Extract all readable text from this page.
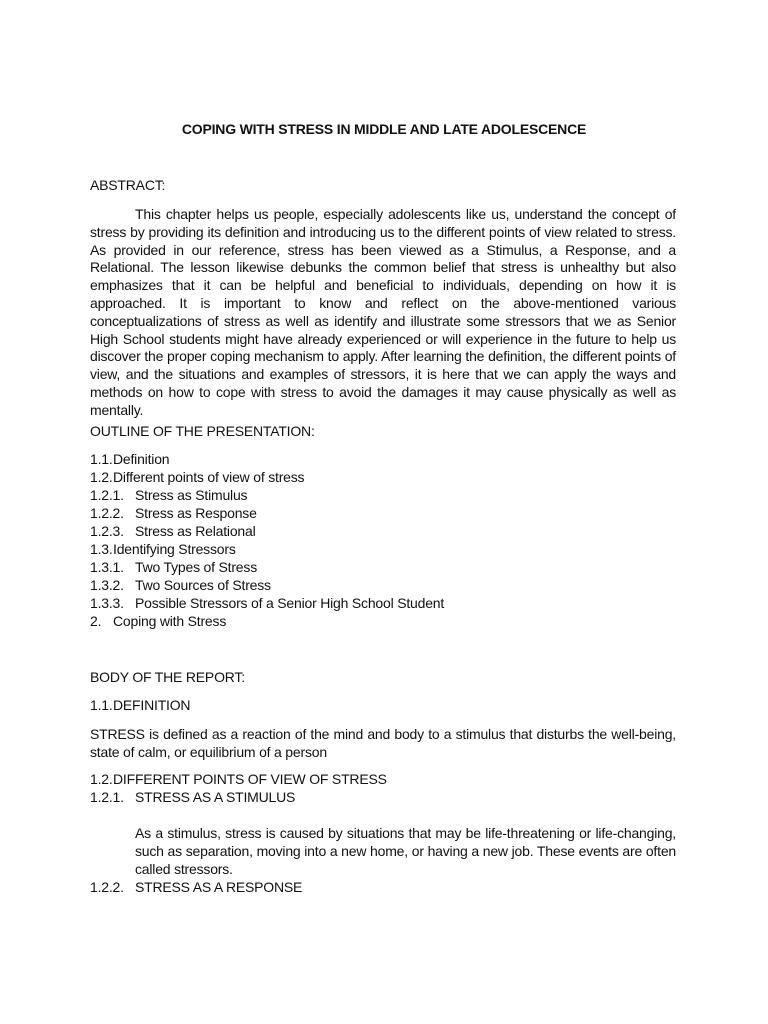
COPING WITH STRESS IN MIDDLE AND LATE ADOLESCENCE
ABSTRACT:

This chapter helps us people, especially adolescents like us, understand the concept of stress by providing its definition and introducing us to the different points of view related to stress. As provided in our reference, stress has been viewed as a Stimulus, a Response, and a Relational. The lesson likewise debunks the common belief that stress is unhealthy but also emphasizes that it can be helpful and beneficial to individuals, depending on how it is approached. It is important to know and reflect on the above-mentioned various conceptualizations of stress as well as identify and illustrate some stressors that we as Senior High School students might have already experienced or will experience in the future to help us discover the proper coping mechanism to apply. After learning the definition, the different points of view, and the situations and examples of stressors, it is here that we can apply the ways and methods on how to cope with stress to avoid the damages it may cause physically as well as mentally.

OUTLINE OF THE PRESENTATION:
1.1.Definition
1.2.Different points of view of stress
1.2.1. Stress as Stimulus
1.2.2. Stress as Response
1.2.3. Stress as Relational
1.3.Identifying Stressors
1.3.1. Two Types of Stress
1.3.2. Two Sources of Stress
1.3.3. Possible Stressors of a Senior High School Student
2. Coping with Stress
BODY OF THE REPORT:
1.1.DEFINITION

STRESS is defined as a reaction of the mind and body to a stimulus that disturbs the well-being, state of calm, or equilibrium of a person

1.2.DIFFERENT POINTS OF VIEW OF STRESS
1.2.1. STRESS AS A STIMULUS

As a stimulus, stress is caused by situations that may be life-threatening or life-changing, such as separation, moving into a new home, or having a new job. These events are often called stressors.

1.2.2. STRESS AS A RESPONSE
